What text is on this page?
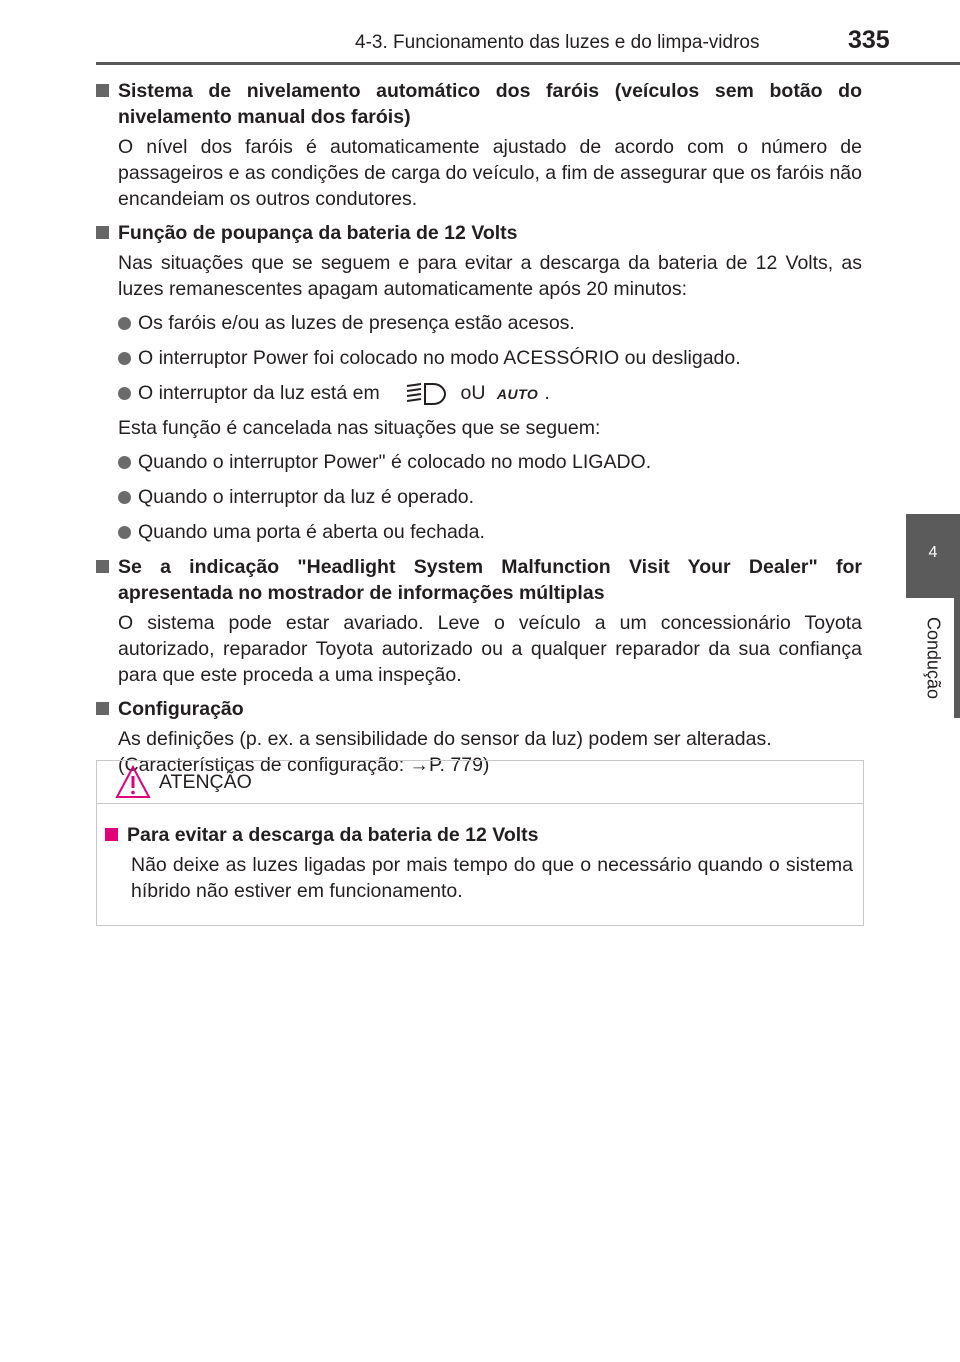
4-3. Funcionamento das luzes e do limpa-vidros	335
4
Condução
Sistema de nivelamento automático dos faróis (veículos sem botão do nivelamento manual dos faróis)
O nível dos faróis é automaticamente ajustado de acordo com o número de passageiros e as condições de carga do veículo, a fim de assegurar que os faróis não encandeiam os outros condutores.
Função de poupança da bateria de 12 Volts
Nas situações que se seguem e para evitar a descarga da bateria de 12 Volts, as luzes remanescentes apagam automaticamente após 20 minutos:
Os faróis e/ou as luzes de presença estão acesos.
O interruptor Power foi colocado no modo ACESSÓRIO ou desligado.
O interruptor da luz está em	oU AUTO .
Esta função é cancelada nas situações que se seguem:
Quando o interruptor Power" é colocado no modo LIGADO.
Quando o interruptor da luz é operado.
Quando uma porta é aberta ou fechada.
Se a indicação "Headlight System Malfunction Visit Your Dealer" for apresentada no mostrador de informações múltiplas
O sistema pode estar avariado. Leve o veículo a um concessionário Toyota autorizado, reparador Toyota autorizado ou a qualquer reparador da sua confiança para que este proceda a uma inspeção.
Configuração
As definições (p. ex. a sensibilidade do sensor da luz) podem ser alteradas.
(Características de configuração: →P. 779)
ATENÇÃO
Para evitar a descarga da bateria de 12 Volts
Não deixe as luzes ligadas por mais tempo do que o necessário quando o sistema híbrido não estiver em funcionamento.
